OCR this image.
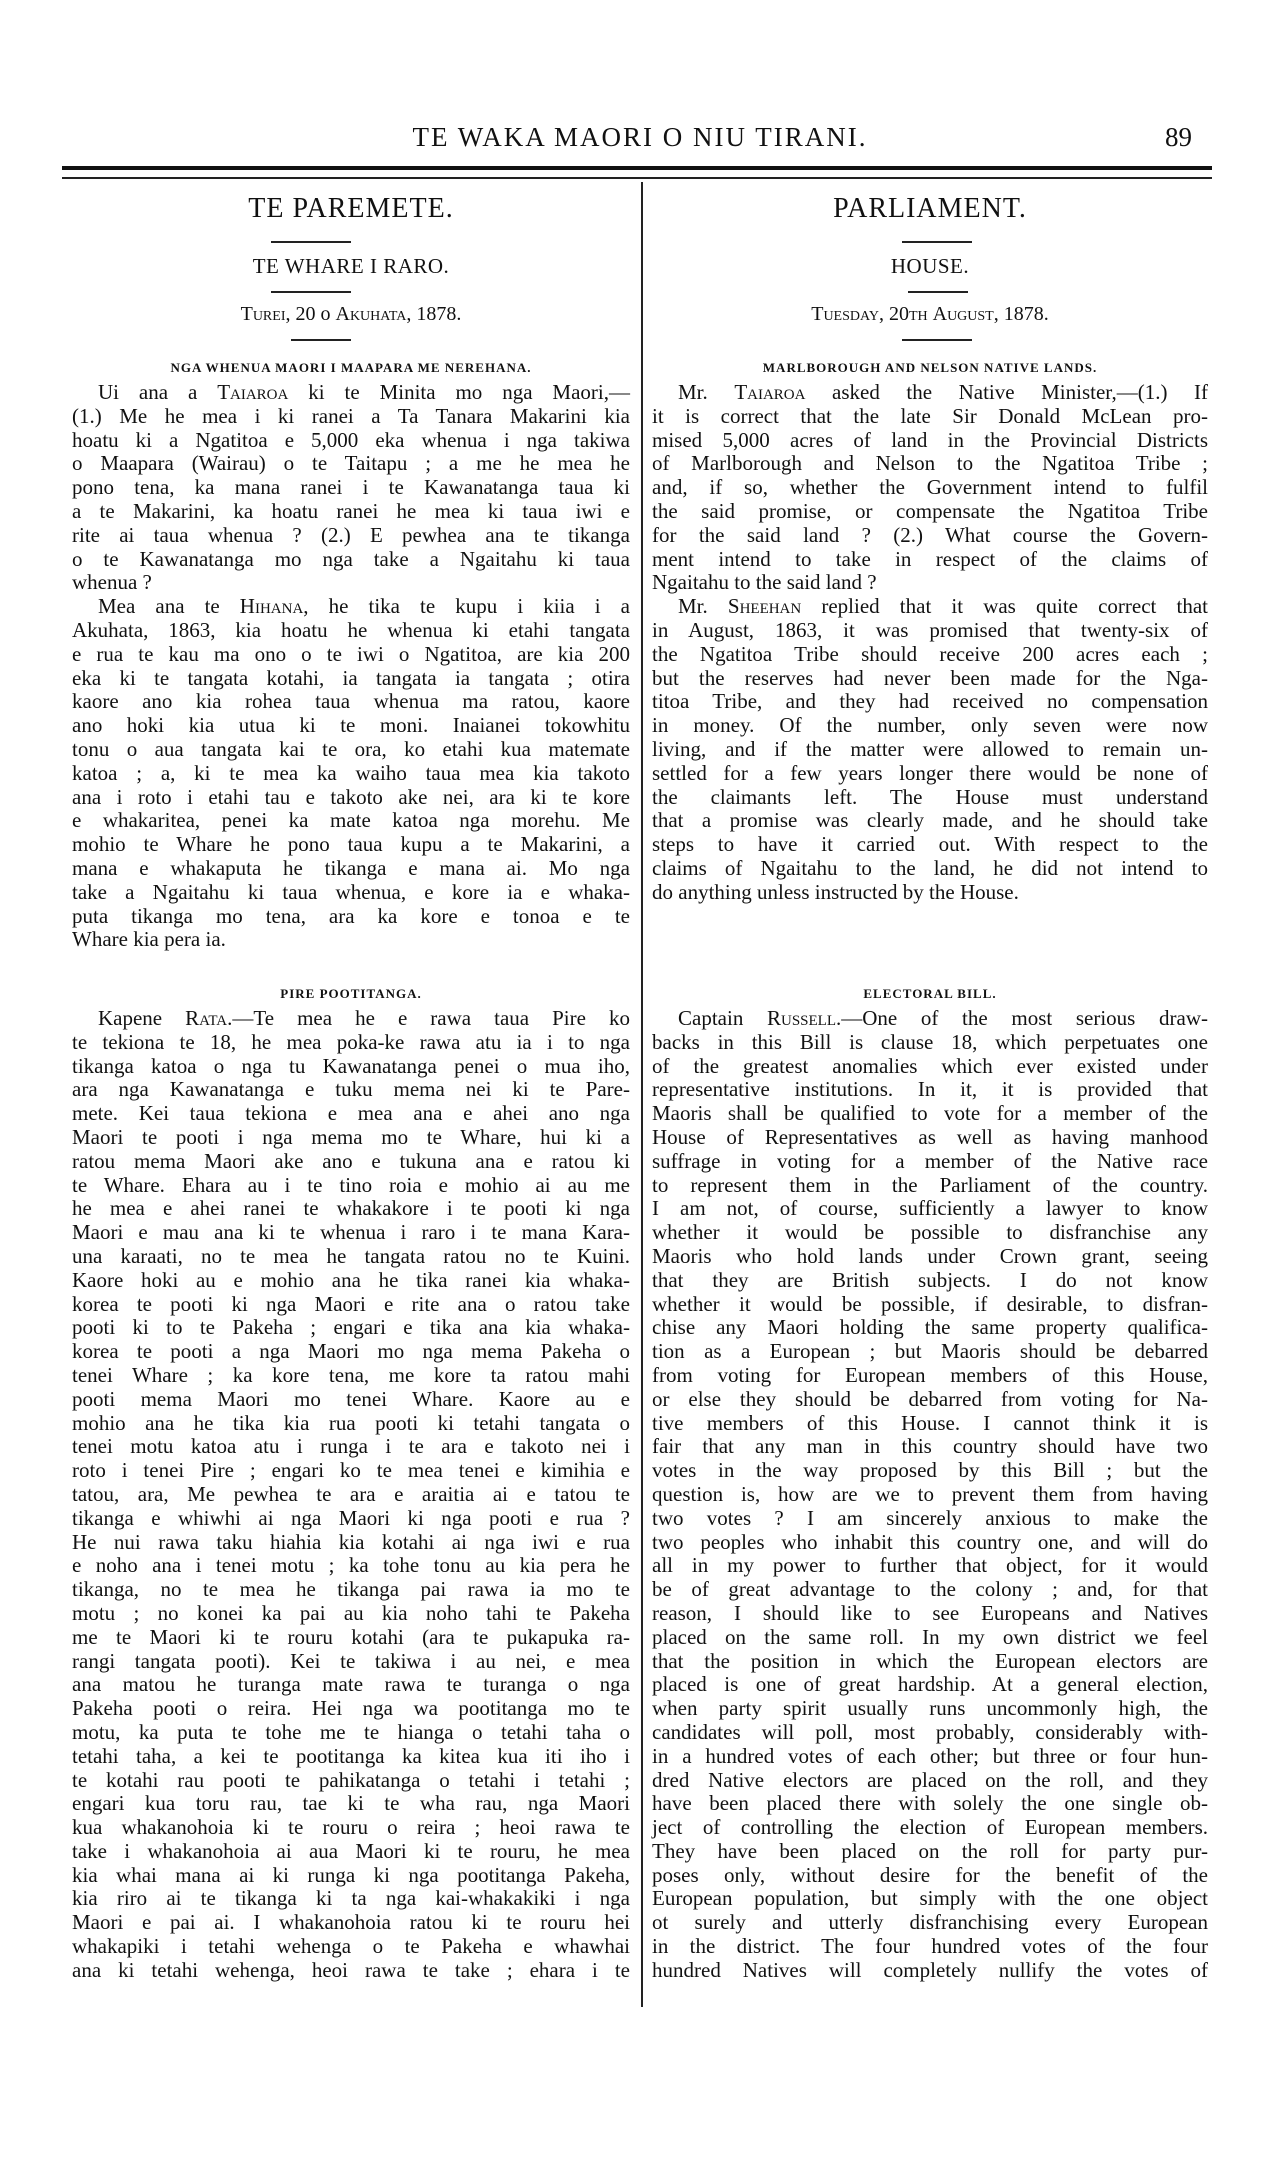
TE WAKA MAORI O NIU TIRANI.	89
TE PAREMETE.
TE WHARE I RARO.
Turei, 20 o Akuhata, 1878.
NGA WHENUA MAORI I MAAPARA ME NEREHANA.
Ui ana a Taiaroa ki te Minita mo nga Maori,—
(1.) Me he mea i ki ranei a Ta Tanara Makarini kia
hoatu ki a Ngatitoa e 5,000 eka whenua i nga takiwa
o Maapara (Wairau) o te Taitapu ; a me he mea he
pono tena, ka mana ranei i te Kawanatanga taua ki
a te Makarini, ka hoatu ranei he mea ki taua iwi e
rite ai taua whenua ? (2.) E pewhea ana te tikanga
o te Kawanatanga mo nga take a Ngaitahu ki taua
whenua ?
Mea ana te Hihana, he tika te kupu i kiia i a
Akuhata, 1863, kia hoatu he whenua ki etahi tangata
e rua te kau ma ono o te iwi o Ngatitoa, are kia 200
eka ki te tangata kotahi, ia tangata ia tangata ; otira
kaore ano kia rohea taua whenua ma ratou, kaore
ano hoki kia utua ki te moni. Inaianei tokowhitu
tonu o aua tangata kai te ora, ko etahi kua matemate
katoa ; a, ki te mea ka waiho taua mea kia takoto
ana i roto i etahi tau e takoto ake nei, ara ki te kore
e whakaritea, penei ka mate katoa nga morehu. Me
mohio te Whare he pono taua kupu a te Makarini, a
mana e whakaputa he tikanga e mana ai. Mo nga
take a Ngaitahu ki taua whenua, e kore ia e whaka-
puta tikanga mo tena, ara ka kore e tonoa e te
Whare kia pera ia.
PIRE POOTITANGA.
Kapene Rata.—Te mea he e rawa taua Pire ko
te tekiona te 18, he mea poka-ke rawa atu ia i to nga
tikanga katoa o nga tu Kawanatanga penei o mua iho,
ara nga Kawanatanga e tuku mema nei ki te Pare-
mete. Kei taua tekiona e mea ana e ahei ano nga
Maori te pooti i nga mema mo te Whare, hui ki a
ratou mema Maori ake ano e tukuna ana e ratou ki
te Whare. Ehara au i te tino roia e mohio ai au me
he mea e ahei ranei te whakakore i te pooti ki nga
Maori e mau ana ki te whenua i raro i te mana Kara-
una karaati, no te mea he tangata ratou no te Kuini.
Kaore hoki au e mohio ana he tika ranei kia whaka-
korea te pooti ki nga Maori e rite ana o ratou take
pooti ki to te Pakeha ; engari e tika ana kia whaka-
korea te pooti a nga Maori mo nga mema Pakeha o
tenei Whare ; ka kore tena, me kore ta ratou mahi
pooti mema Maori mo tenei Whare. Kaore au e
mohio ana he tika kia rua pooti ki tetahi tangata o
tenei motu katoa atu i runga i te ara e takoto nei i
roto i tenei Pire ; engari ko te mea tenei e kimihia e
tatou, ara, Me pewhea te ara e araitia ai e tatou te
tikanga e whiwhi ai nga Maori ki nga pooti e rua ?
He nui rawa taku hiahia kia kotahi ai nga iwi e rua
e noho ana i tenei motu ; ka tohe tonu au kia pera he
tikanga, no te mea he tikanga pai rawa ia mo te
motu ; no konei ka pai au kia noho tahi te Pakeha
me te Maori ki te rouru kotahi (ara te pukapuka ra-
rangi tangata pooti). Kei te takiwa i au nei, e mea
ana matou he turanga mate rawa te turanga o nga
Pakeha pooti o reira. Hei nga wa pootitanga mo te
motu, ka puta te tohe me te hianga o tetahi taha o
tetahi taha, a kei te pootitanga ka kitea kua iti iho i
te kotahi rau pooti te pahikatanga o tetahi i tetahi ;
engari kua toru rau, tae ki te wha rau, nga Maori
kua whakanohoia ki te rouru o reira ; heoi rawa te
take i whakanohoia ai aua Maori ki te rouru, he mea
kia whai mana ai ki runga ki nga pootitanga Pakeha,
kia riro ai te tikanga ki ta nga kai-whakakiki i nga
Maori e pai ai. I whakanohoia ratou ki te rouru hei
whakapiki i tetahi wehenga o te Pakeha e whawhai
ana ki tetahi wehenga, heoi rawa te take ; ehara i te
PARLIAMENT.
HOUSE.
Tuesday, 20th August, 1878.
MARLBOROUGH AND NELSON NATIVE LANDS.
Mr. Taiaroa asked the Native Minister,—(1.) If
it is correct that the late Sir Donald McLean pro-
mised 5,000 acres of land in the Provincial Districts
of Marlborough and Nelson to the Ngatitoa Tribe ;
and, if so, whether the Government intend to fulfil
the said promise, or compensate the Ngatitoa Tribe
for the said land ? (2.) What course the Govern-
ment intend to take in respect of the claims of
Ngaitahu to the said land ?
Mr. Sheehan replied that it was quite correct that
in August, 1863, it was promised that twenty-six of
the Ngatitoa Tribe should receive 200 acres each ;
but the reserves had never been made for the Nga-
titoa Tribe, and they had received no compensation
in money. Of the number, only seven were now
living, and if the matter were allowed to remain un-
settled for a few years longer there would be none of
the claimants left. The House must understand
that a promise was clearly made, and he should take
steps to have it carried out. With respect to the
claims of Ngaitahu to the land, he did not intend to
do anything unless instructed by the House.
ELECTORAL BILL.
Captain Russell.—One of the most serious draw-
backs in this Bill is clause 18, which perpetuates one
of the greatest anomalies which ever existed under
representative institutions. In it, it is provided that
Maoris shall be qualified to vote for a member of the
House of Representatives as well as having manhood
suffrage in voting for a member of the Native race
to represent them in the Parliament of the country.
I am not, of course, sufficiently a lawyer to know
whether it would be possible to disfranchise any
Maoris who hold lands under Crown grant, seeing
that they are British subjects. I do not know
whether it would be possible, if desirable, to disfran-
chise any Maori holding the same property qualifica-
tion as a European ; but Maoris should be debarred
from voting for European members of this House,
or else they should be debarred from voting for Na-
tive members of this House. I cannot think it is
fair that any man in this country should have two
votes in the way proposed by this Bill ; but the
question is, how are we to prevent them from having
two votes ? I am sincerely anxious to make the
two peoples who inhabit this country one, and will do
all in my power to further that object, for it would
be of great advantage to the colony ; and, for that
reason, I should like to see Europeans and Natives
placed on the same roll. In my own district we feel
that the position in which the European electors are
placed is one of great hardship. At a general election,
when party spirit usually runs uncommonly high, the
candidates will poll, most probably, considerably with-
in a hundred votes of each other; but three or four hun-
dred Native electors are placed on the roll, and they
have been placed there with solely the one single ob-
ject of controlling the election of European members.
They have been placed on the roll for party pur-
poses only, without desire for the benefit of the
European population, but simply with the one object
ot surely and utterly disfranchising every European
in the district. The four hundred votes of the four
hundred Natives will completely nullify the votes of
